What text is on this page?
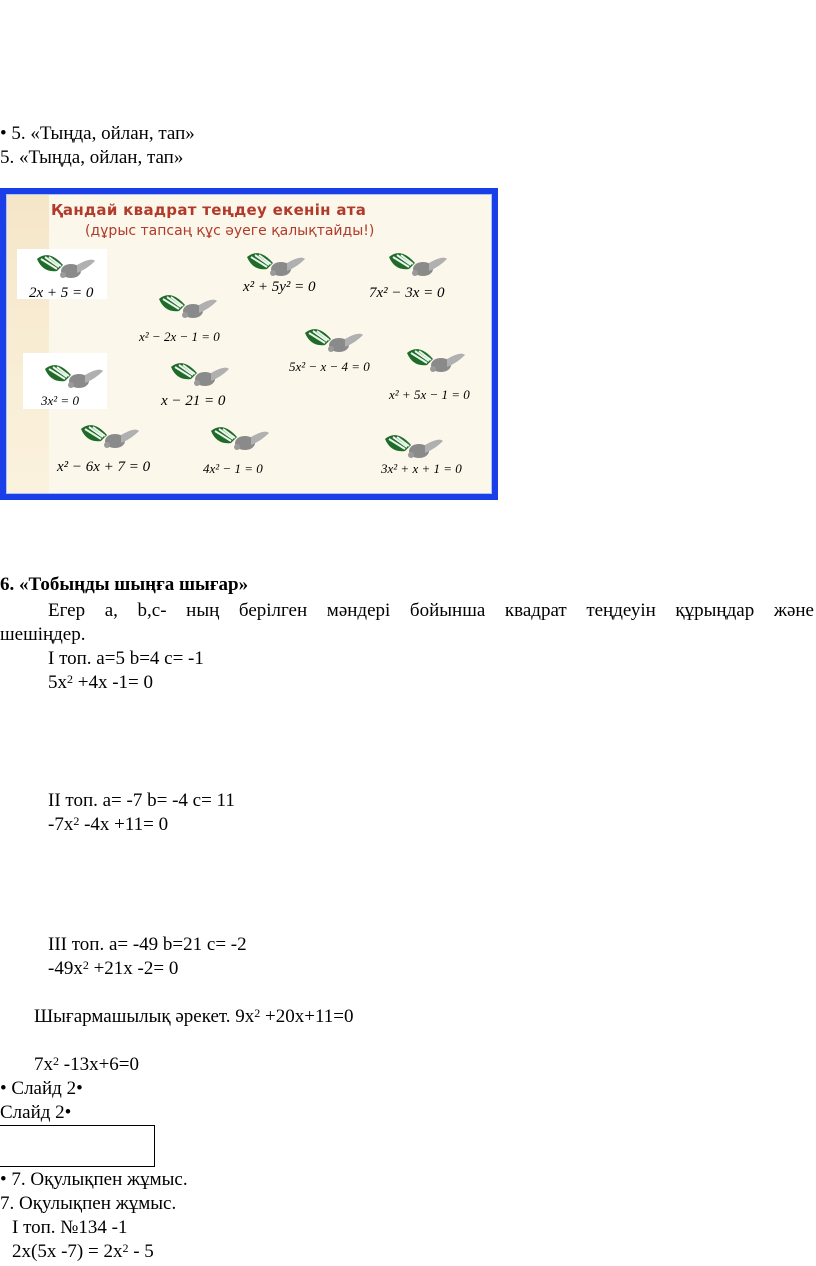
• 5. «Тыңда, ойлан, тап»
5. «Тыңда, ойлан, тап»
Қандай квадрат теңдеу екенін ата
(дұрыс тапсаң құс әуеге қалықтайды!)
2x + 5 = 0	x² + 5y² = 0	7x² − 3x = 0
x² − 2x − 1 = 0
5x² − x − 4 = 0
3x² = 0	x − 21 = 0	x² + 5x − 1 = 0
x² − 6x + 7 = 0	4x² − 1 = 0	3x² + x + 1 = 0
6. «Тобыңды шыңға шығар»
Егер а, b,c- ның берілген мәндері бойынша квадрат теңдеуін құрыңдар және
шешіңдер.
I топ. а=5 b=4 c= -1
$5x^2 +4x$ -1= 0
II топ. а= -7 b= -4 c= 11
$-7x^2$ -4x +11= 0
III топ. а= -49 b=21 c= -2
$-49x^2 +21x$ -2= 0
Шығармашылық әрекет. $9x^2 +20x+11=0$
$7x^2$ -13x+6=0
• Слайд 2•
Слайд 2•
• 7. Оқулықпен жұмыс.
7. Оқулықпен жұмыс.
I топ. №134 -1
2x(5x $-7) = 2x^2 - 5$
